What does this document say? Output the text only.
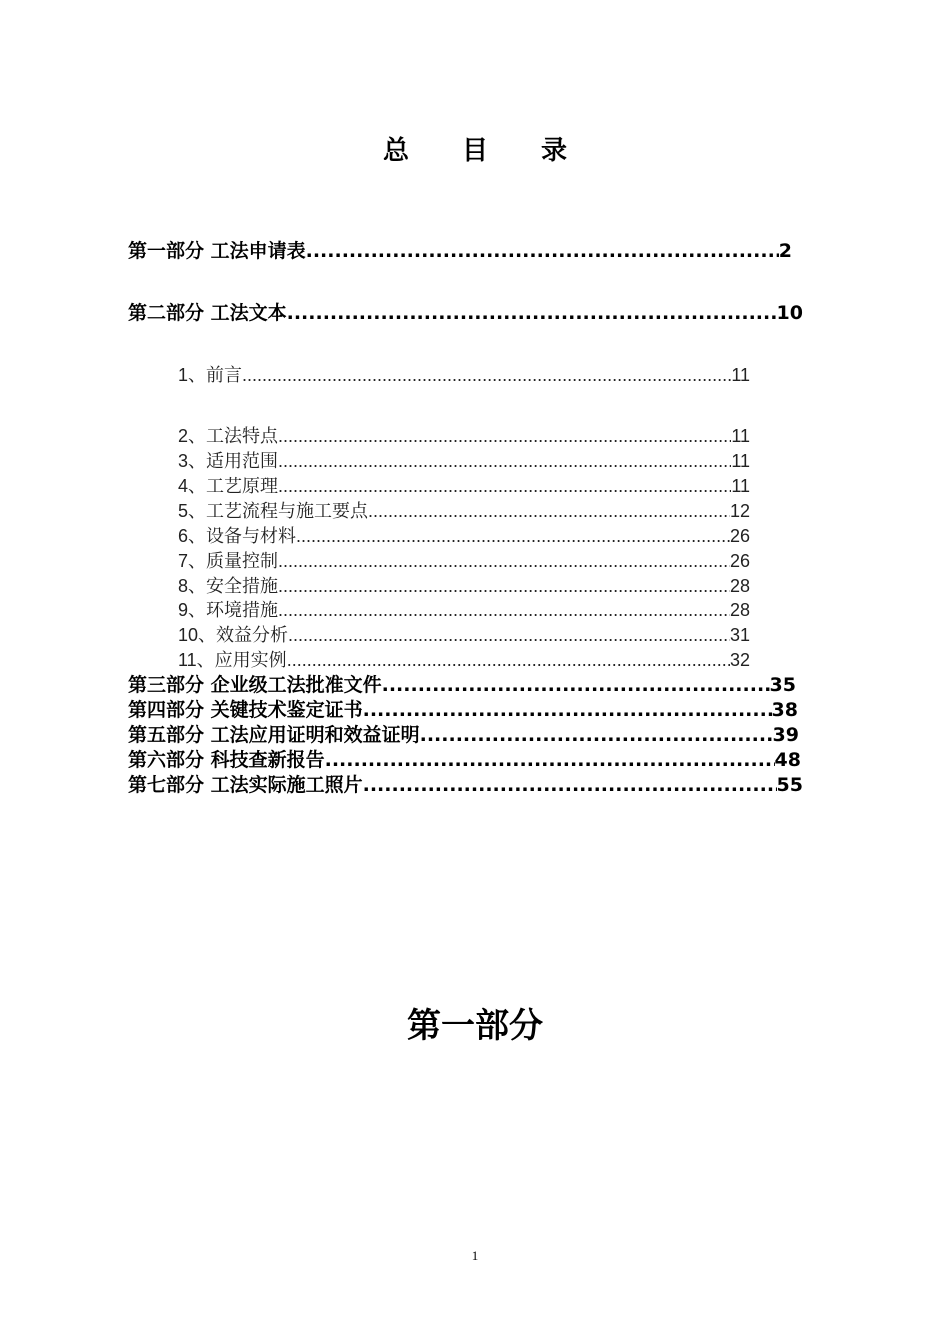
总 目 录
第一部分 工法申请表 .....	2
第二部分 工法文本 .....	10
1、前言 .....	11
2、工法特点 .....	11
3、适用范围 .....	11
4、工艺原理 .....	11
5、工艺流程与施工要点 .....	12
6、设备与材料 .....	26
7、质量控制 .....	26
8、安全措施 .....	28
9、环境措施 .....	28
10、效益分析 .....	31
11、应用实例 .....	32
第三部分 企业级工法批准文件 .....	35
第四部分 关键技术鉴定证书 .....	38
第五部分 工法应用证明和效益证明 .....	39
第六部分 科技查新报告 .....	48
第七部分 工法实际施工照片 .....	55
第一部分
1
